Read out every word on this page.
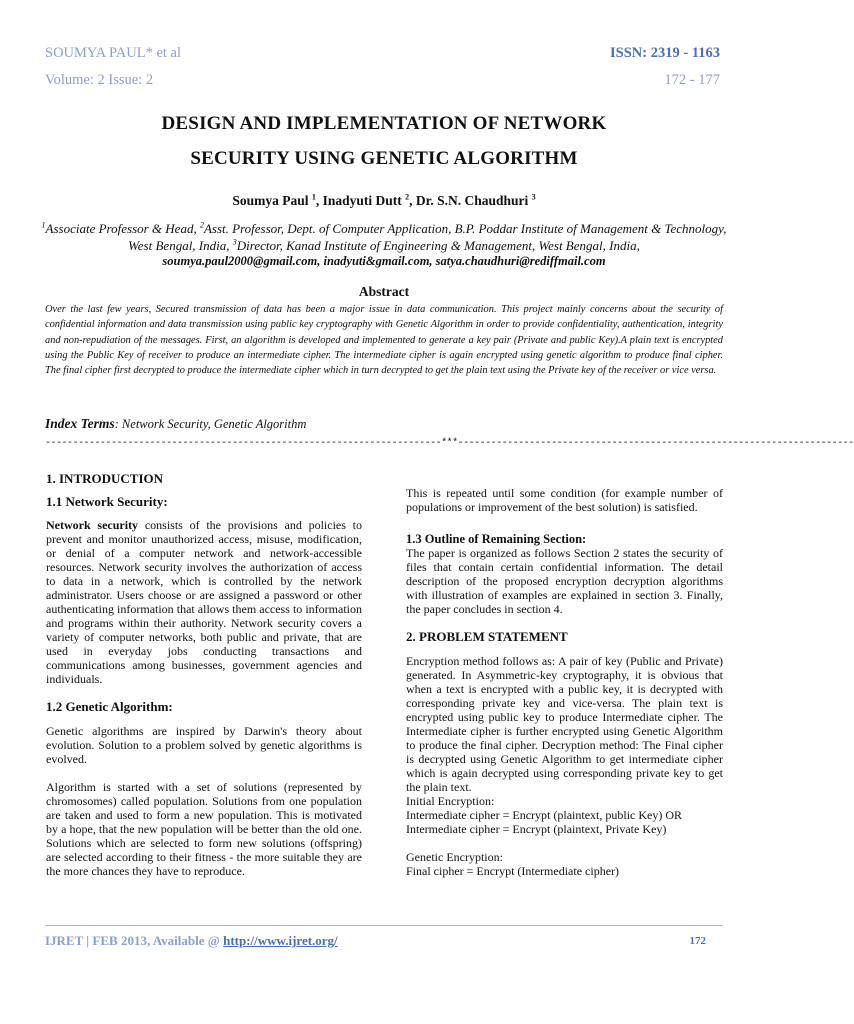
SOUMYA PAUL* et al	ISSN: 2319 - 1163
Volume: 2 Issue: 2	172 - 177
DESIGN AND IMPLEMENTATION OF NETWORK
SECURITY USING GENETIC ALGORITHM
Soumya Paul $^1$, Inadyuti Dutt $^2$, Dr. S.N. Chaudhuri $^3$
$^1$Associate Professor & Head, $^2$Asst. Professor, Dept. of Computer Application, B.P. Poddar Institute of Management & Technology, West Bengal, India, $^3$Director, Kanad Institute of Engineering & Management, West Bengal, India,
soumya.paul2000@gmail.com, inadyuti&gmail.com, satya.chaudhuri@rediffmail.com
Abstract
Over the last few years, Secured transmission of data has been a major issue in data communication. This project mainly concerns about the security of confidential information and data transmission using public key cryptography with Genetic Algorithm in order to provide confidentiality, authentication, integrity and non-repudiation of the messages. First, an algorithm is developed and implemented to generate a key pair (Private and public Key).A plain text is encrypted using the Public Key of receiver to produce an intermediate cipher. The intermediate cipher is again encrypted using genetic algorithm to produce final cipher. The final cipher first decrypted to produce the intermediate cipher which in turn decrypted to get the plain text using the Private key of the receiver or vice versa.
Index Terms: Network Security, Genetic Algorithm
------------------------------------------------------------------------***------------------------------------------------------------------------

1. INTRODUCTION

1.1 Network Security:

Network security consists of the provisions and policies to prevent and monitor unauthorized access, misuse, modification, or denial of a computer network and network-accessible resources. Network security involves the authorization of access to data in a network, which is controlled by the network administrator. Users choose or are assigned a password or other authenticating information that allows them access to information and programs within their authority. Network security covers a variety of computer networks, both public and private, that are used in everyday jobs conducting transactions and communications among businesses, government agencies and individuals.

1.2 Genetic Algorithm:

Genetic algorithms are inspired by Darwin's theory about evolution. Solution to a problem solved by genetic algorithms is evolved.

Algorithm is started with a set of solutions (represented by chromosomes) called population. Solutions from one population are taken and used to form a new population. This is motivated by a hope, that the new population will be better than the old one. Solutions which are selected to form new solutions (offspring) are selected according to their fitness - the more suitable they are the more chances they have to reproduce.

This is repeated until some condition (for example number of populations or improvement of the best solution) is satisfied.

1.3 Outline of Remaining Section:

The paper is organized as follows Section 2 states the security of files that contain certain confidential information. The detail description of the proposed encryption decryption algorithms with illustration of examples are explained in section 3. Finally, the paper concludes in section 4.

2. PROBLEM STATEMENT

Encryption method follows as: A pair of key (Public and Private) generated. In Asymmetric-key cryptography, it is obvious that when a text is encrypted with a public key, it is decrypted with corresponding private key and vice-versa. The plain text is encrypted using public key to produce Intermediate cipher. The Intermediate cipher is further encrypted using Genetic Algorithm to produce the final cipher. Decryption method: The Final cipher is decrypted using Genetic Algorithm to get intermediate cipher which is again decrypted using corresponding private key to get the plain text.

Initial Encryption:

Intermediate cipher = Encrypt (plaintext, public Key) OR

Intermediate cipher = Encrypt (plaintext, Private Key)

Genetic Encryption:

Final cipher = Encrypt (Intermediate cipher)

IJRET | FEB 2013, Available @ http://www.ijret.org/	172
